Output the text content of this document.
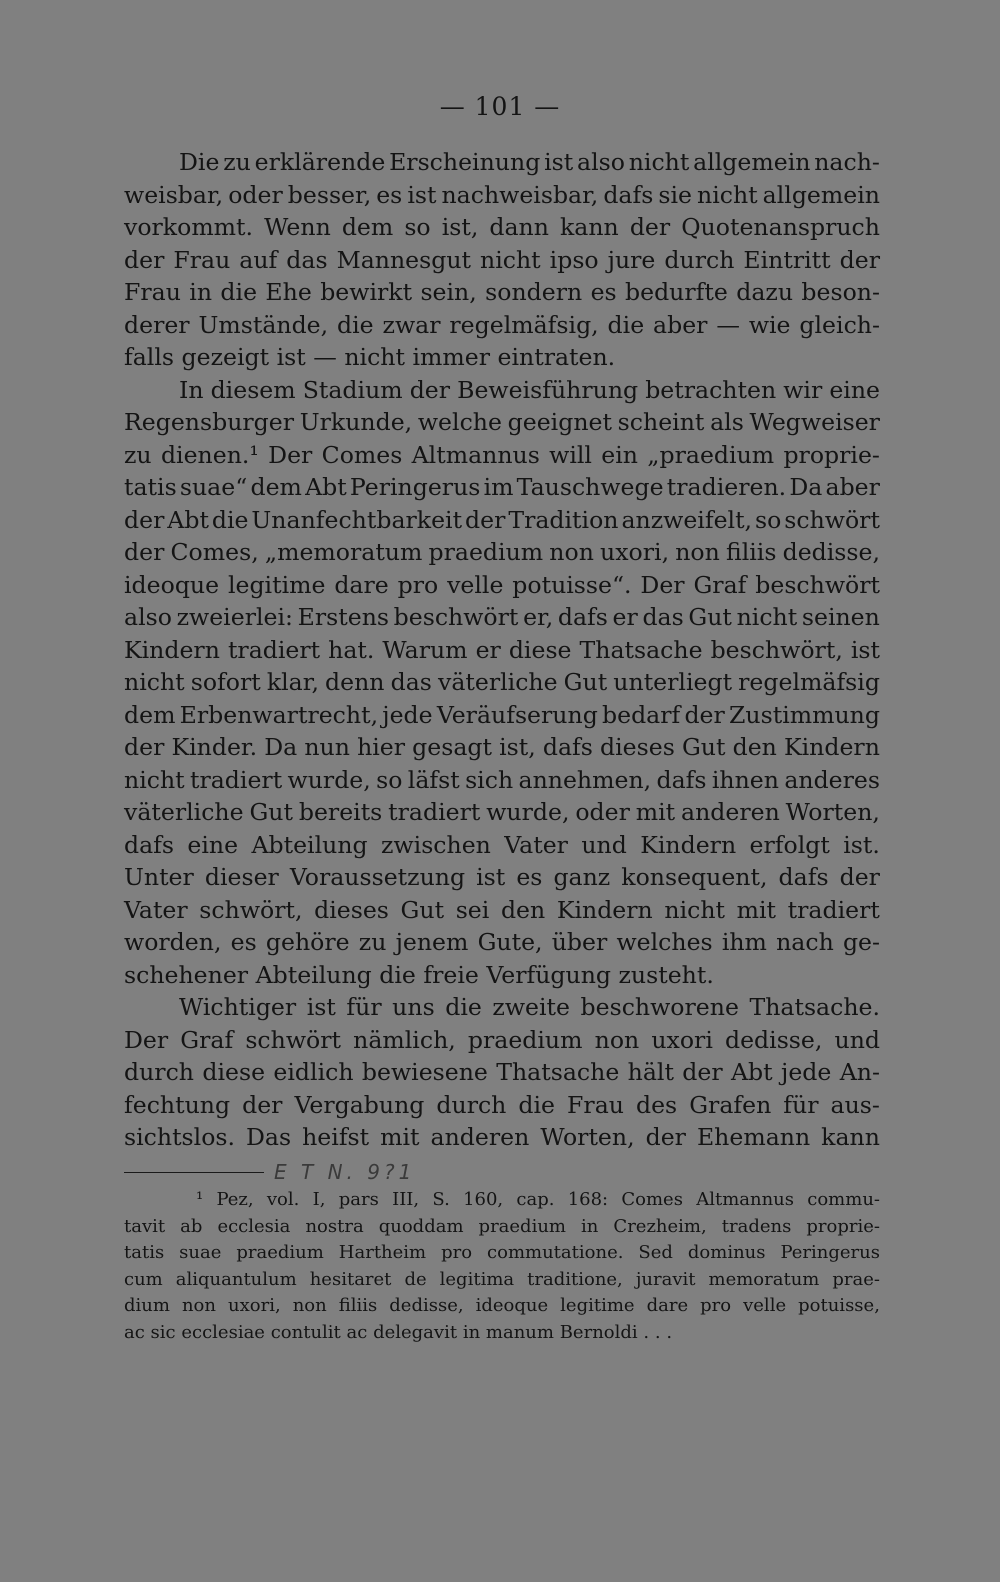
— 101 —
Die zu erklärende Erscheinung ist also nicht allgemein nach-
weisbar, oder besser, es ist nachweisbar, dafs sie nicht allgemein
vorkommt. Wenn dem so ist, dann kann der Quotenanspruch
der Frau auf das Mannesgut nicht ipso jure durch Eintritt der
Frau in die Ehe bewirkt sein, sondern es bedurfte dazu beson-
derer Umstände, die zwar regelmäfsig, die aber — wie gleich-
falls
gezeigt
ist
—
nicht
immer
eintraten.
In diesem Stadium der Beweisführung betrachten wir eine
Regensburger Urkunde, welche geeignet scheint als Wegweiser
zu dienen.¹ Der Comes Altmannus will ein „praedium proprie-
tatis suae“ dem Abt Peringerus im Tauschwege tradieren. Da aber
der Abt die Unanfechtbarkeit der Tradition anzweifelt, so schwört
der Comes, „memoratum praedium non uxori, non filiis dedisse,
ideoque legitime dare pro velle potuisse“. Der Graf beschwört
also zweierlei: Erstens beschwört er, dafs er das Gut nicht seinen
Kindern tradiert hat. Warum er diese Thatsache beschwört, ist
nicht sofort klar, denn das väterliche Gut unterliegt regelmäfsig
dem Erbenwartrecht, jede Veräufserung bedarf der Zustimmung
der Kinder. Da nun hier gesagt ist, dafs dieses Gut den Kindern
nicht tradiert wurde, so läfst sich annehmen, dafs ihnen anderes
väterliche Gut bereits tradiert wurde, oder mit anderen Worten,
dafs eine Abteilung zwischen Vater und Kindern erfolgt ist.
Unter dieser Voraussetzung ist es ganz konsequent, dafs der
Vater schwört, dieses Gut sei den Kindern nicht mit tradiert
worden, es gehöre zu jenem Gute, über welches ihm nach ge-
schehener
Abteilung
die
freie
Verfügung
zusteht.
Wichtiger ist für uns die zweite beschworene Thatsache.
Der Graf schwört nämlich, praedium non uxori dedisse, und
durch diese eidlich bewiesene Thatsache hält der Abt jede An-
fechtung der Vergabung durch die Frau des Grafen für aus-
sichtslos. Das heifst mit anderen Worten, der Ehemann kann
E T N. 9?1
¹ Pez, vol. I, pars III, S. 160, cap. 168: Comes Altmannus commu-
tavit ab ecclesia nostra quoddam praedium in Crezheim, tradens proprie-
tatis suae praedium Hartheim pro commutatione. Sed dominus Peringerus
cum aliquantulum hesitaret de legitima traditione, juravit memoratum prae-
dium non uxori, non filiis dedisse, ideoque legitime dare pro velle potuisse,
ac
sic
ecclesiae
contulit
ac
delegavit
in
manum
Bernoldi
.
.
.
